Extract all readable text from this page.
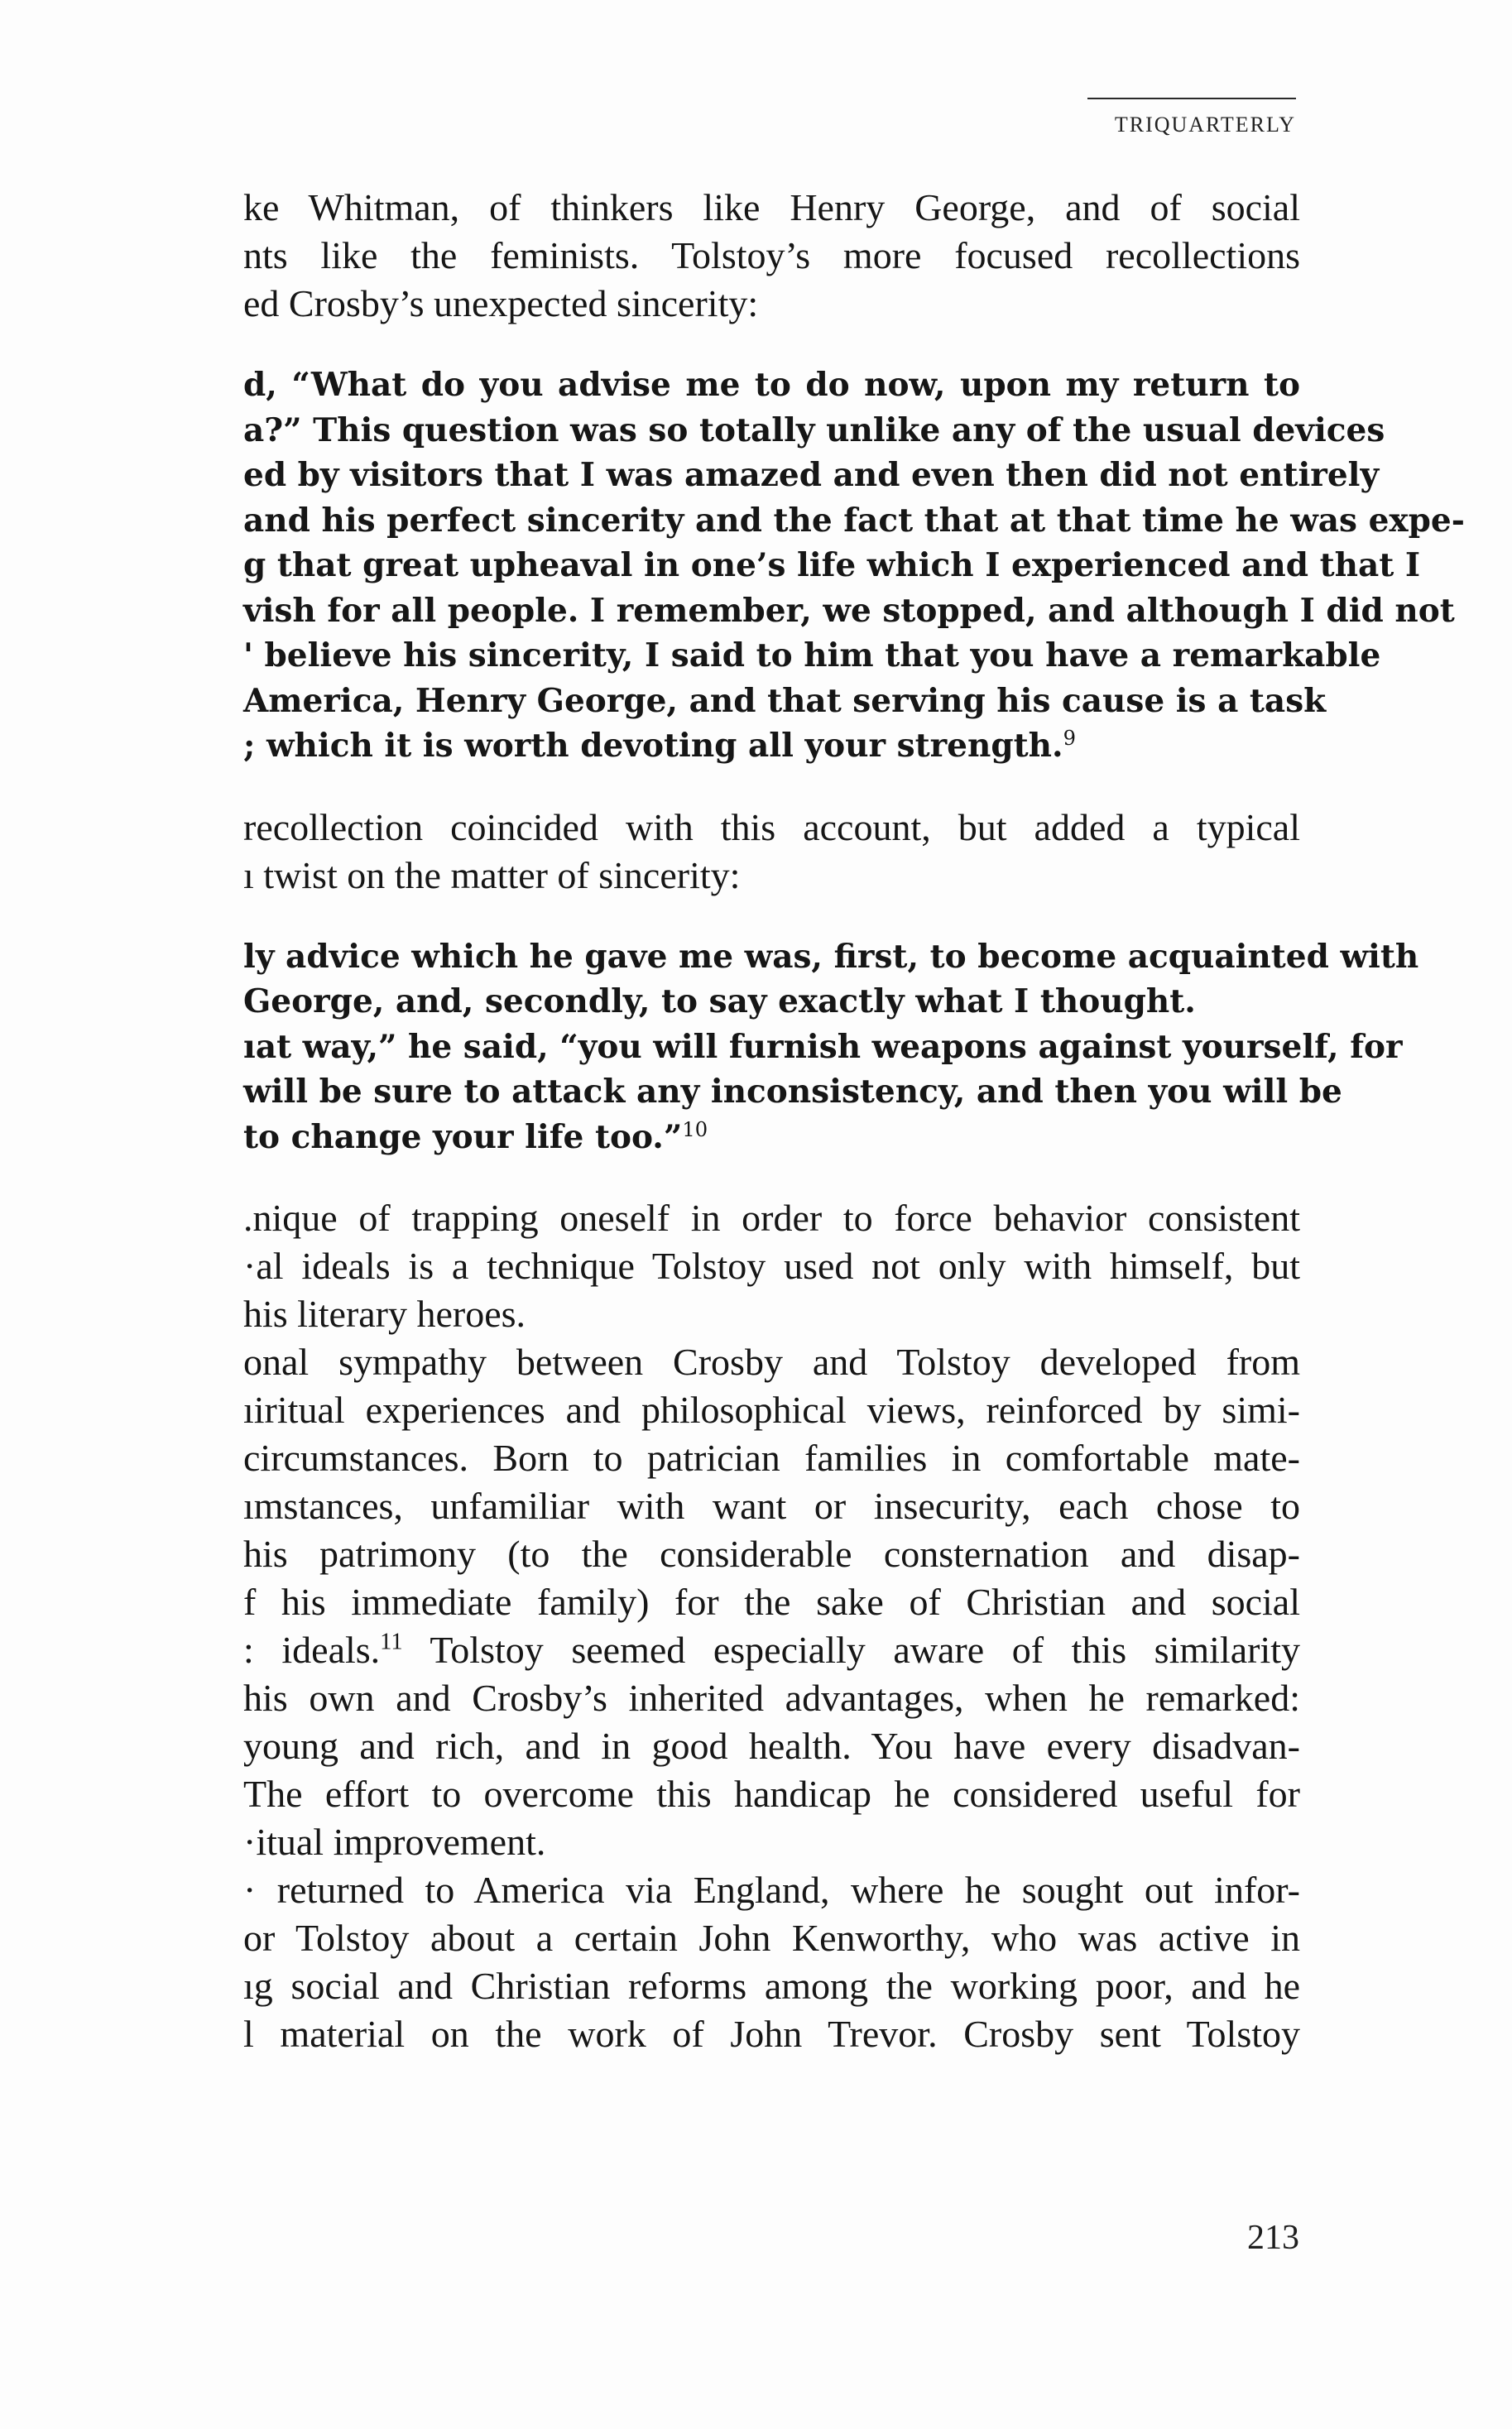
TRIQUARTERLY
ke Whitman, of thinkers like Henry George, and of social
nts like the feminists. Tolstoy’s more focused recollections
ed Crosby’s unexpected sincerity:
d, “What do you advise me to do now, upon my return to
a?” This question was so totally unlike any of the usual devices
ed by visitors that I was amazed and even then did not entirely
and his perfect sincerity and the fact that at that time he was expe-
g that great upheaval in one’s life which I experienced and that I
vish for all people. I remember, we stopped, and although I did not
' believe his sincerity, I said to him that you have a remarkable
America, Henry George, and that serving his cause is a task
; which it is worth devoting all your strength.$^9$
recollection coincided with this account, but added a typical
ı twist on the matter of sincerity:
ly advice which he gave me was, first, to become acquainted with
George, and, secondly, to say exactly what I thought.
ıat way,” he said, “you will furnish weapons against yourself, for
will be sure to attack any inconsistency, and then you will be
to change your life too.”$^{10}$
.nique of trapping oneself in order to force behavior consistent
·al ideals is a technique Tolstoy used not only with himself, but
his literary heroes.
onal sympathy between Crosby and Tolstoy developed from
ıiritual experiences and philosophical views, reinforced by simi-
circumstances. Born to patrician families in comfortable mate-
ımstances, unfamiliar with want or insecurity, each chose to
his patrimony (to the considerable consternation and disap-
f his immediate family) for the sake of Christian and social
: ideals.$^{11}$ Tolstoy seemed especially aware of this similarity
his own and Crosby’s inherited advantages, when he remarked:
young and rich, and in good health. You have every disadvan-
The effort to overcome this handicap he considered useful for
·itual improvement.
· returned to America via England, where he sought out infor-
or Tolstoy about a certain John Kenworthy, who was active in
ıg social and Christian reforms among the working poor, and he
l material on the work of John Trevor. Crosby sent Tolstoy
213
